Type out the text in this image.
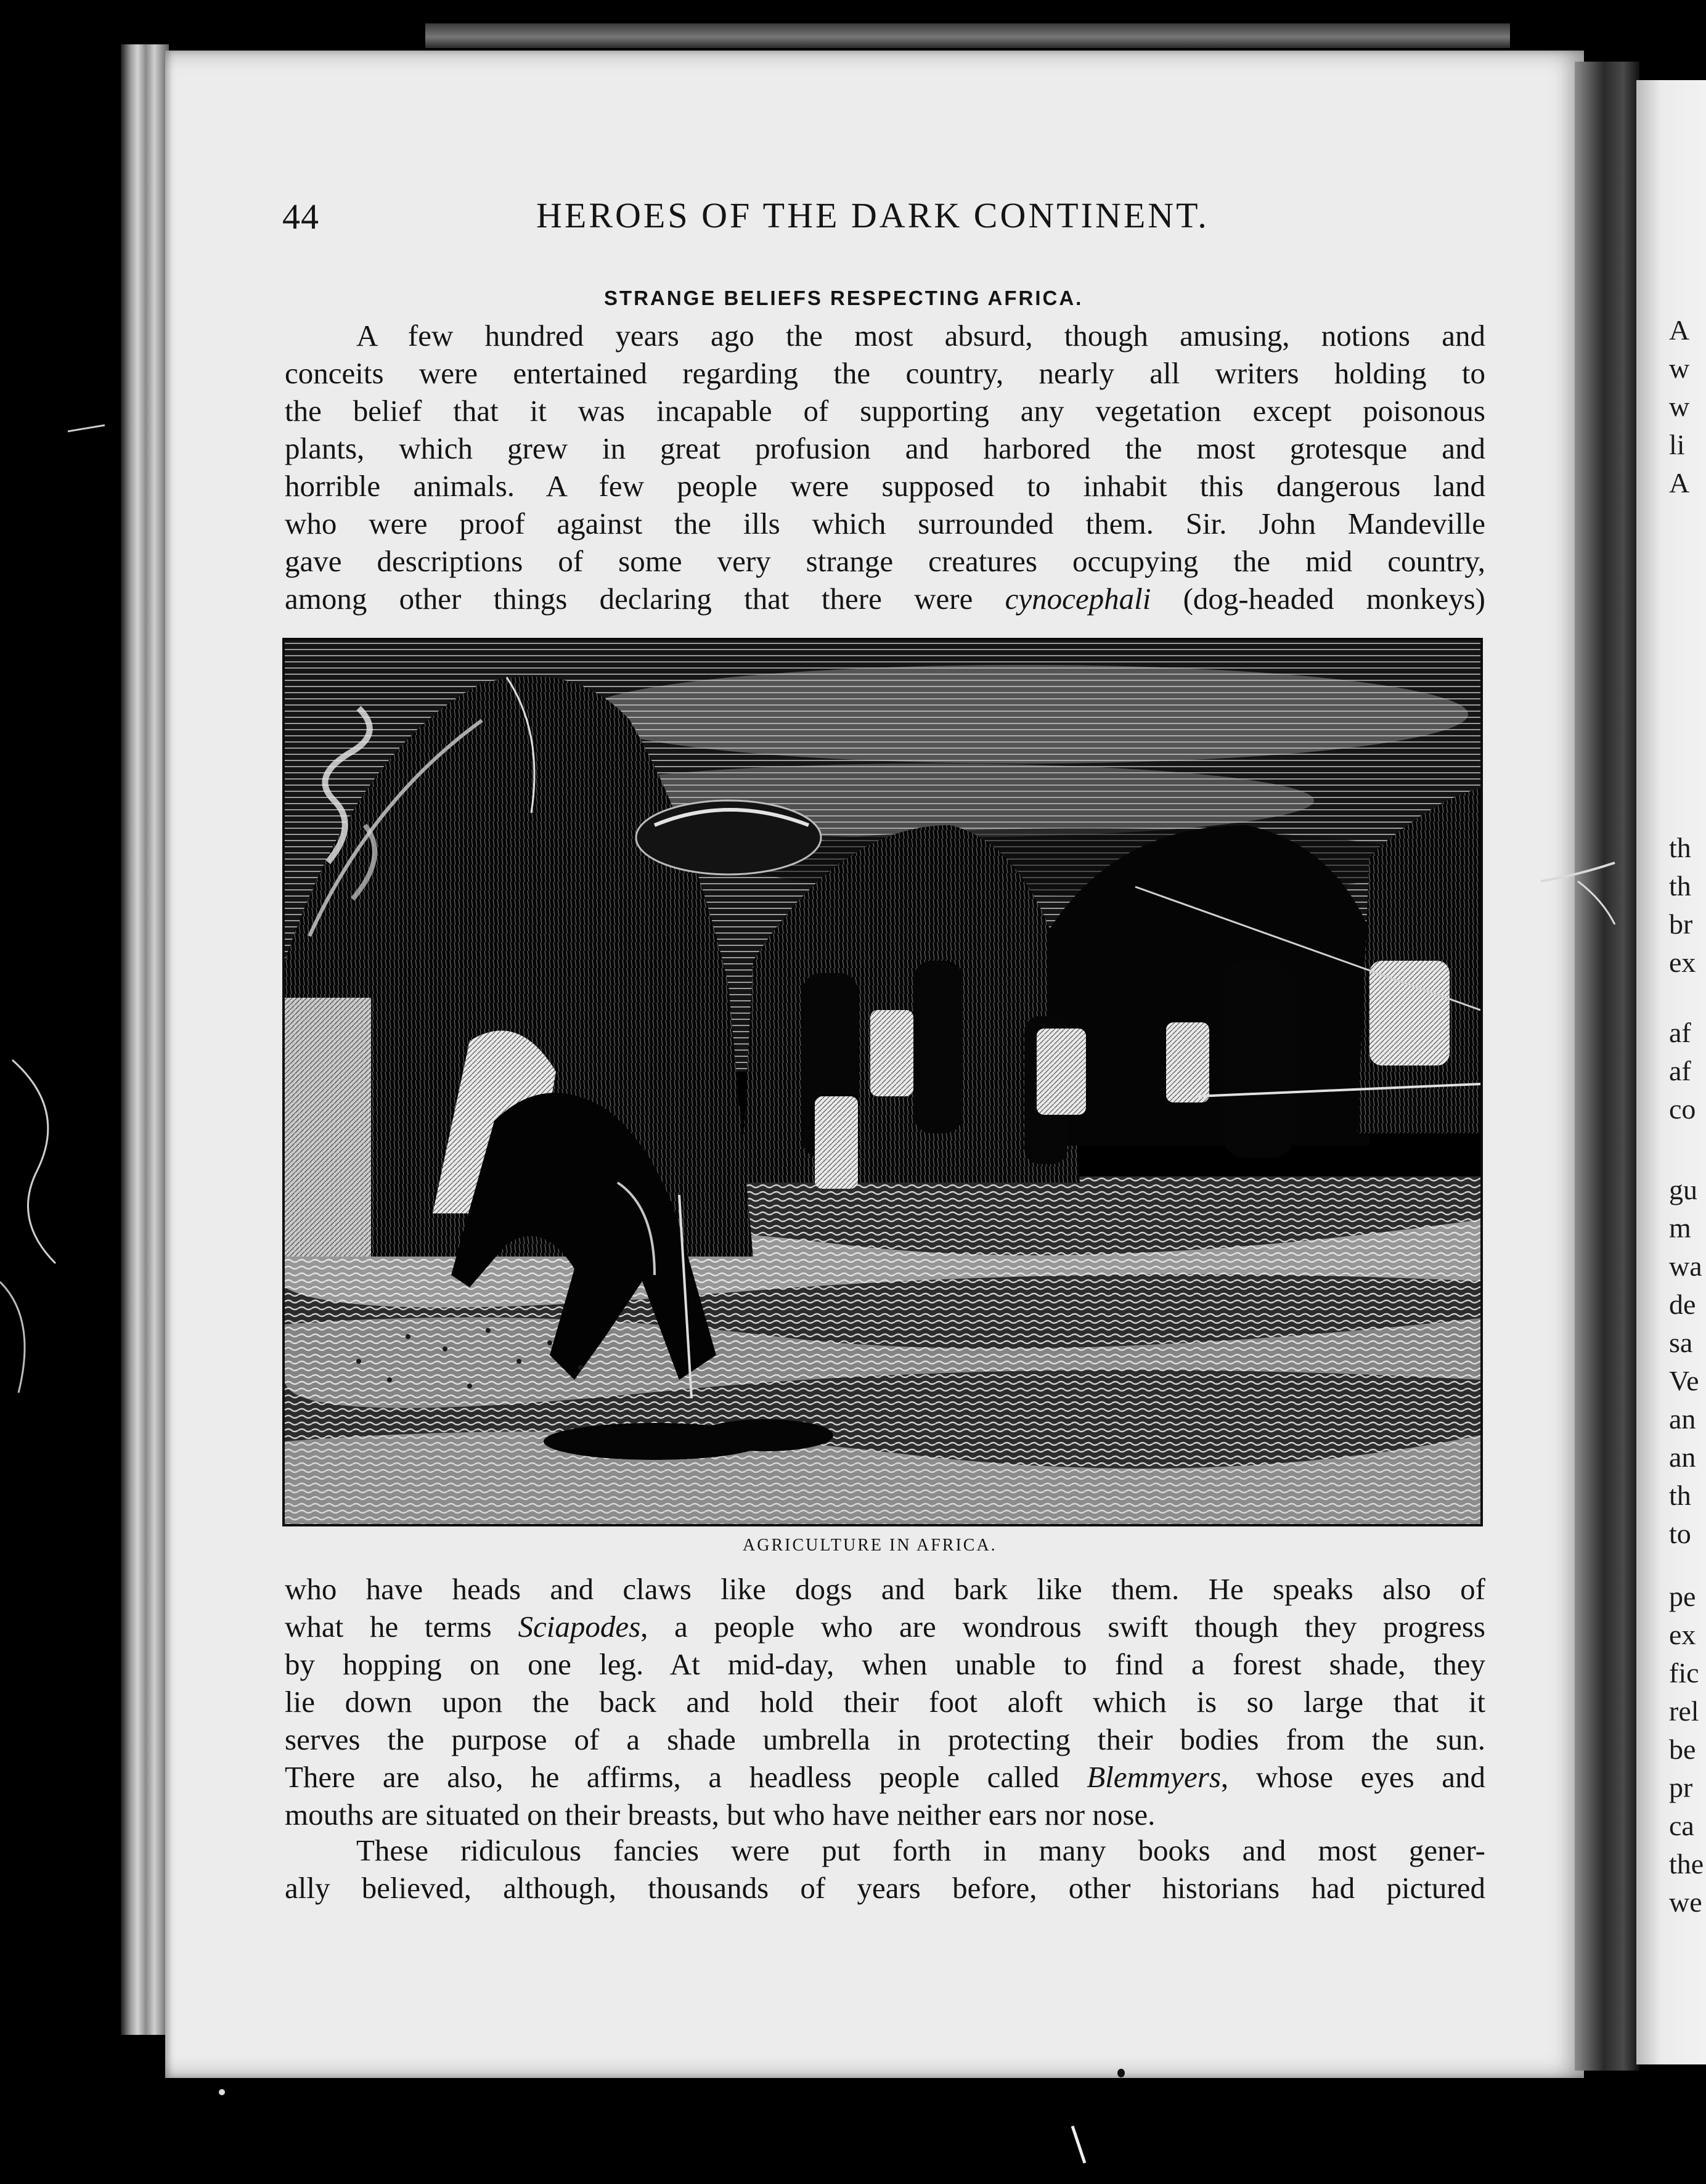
A
w
w
li
A
th
th
br
ex
af
af
co
gu
m
wa
de
sa
Ve
an
an
th
to
pe
ex
fic
rel
be
pr
ca
the
we
44	HEROES OF THE DARK CONTINENT.
STRANGE BELIEFS RESPECTING AFRICA.

A few hundred years ago the most absurd, though amusing, notions and
conceits were entertained regarding the country, nearly all writers holding to
the belief that it was incapable of supporting any vegetation except poisonous
plants, which grew in great profusion and harbored the most grotesque and
horrible animals. A few people were supposed to inhabit this dangerous land
who were proof against the ills which surrounded them. Sir. John Mandeville
gave descriptions of some very strange creatures occupying the mid country,
among other things declaring that there were cynocephali (dog-headed monkeys)

AGRICULTURE IN AFRICA.

who have heads and claws like dogs and bark like them. He speaks also of
what he terms Sciapodes, a people who are wondrous swift though they progress
by hopping on one leg. At mid-day, when unable to find a forest shade, they
lie down upon the back and hold their foot aloft which is so large that it
serves the purpose of a shade umbrella in protecting their bodies from the sun.
There are also, he affirms, a headless people called Blemmyers, whose eyes and
mouths are situated on their breasts, but who have neither ears nor nose.

These ridiculous fancies were put forth in many books and most gener-
ally believed, although, thousands of years before, other historians had pictured
